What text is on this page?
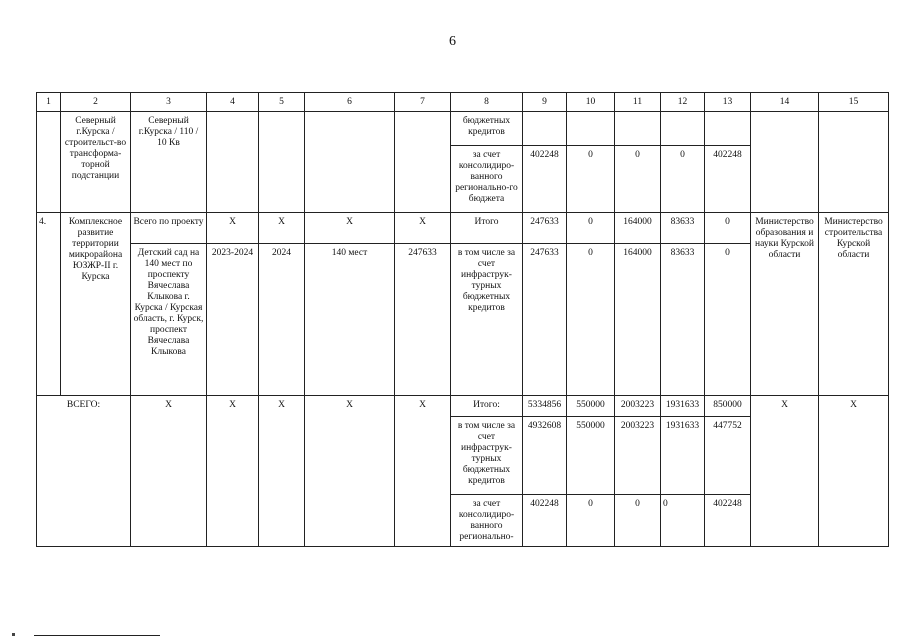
6
1	2	3	4	5	6	7	8	9	10	11	12	13	14	15
	Северный г.Курска / строительст-во трансформа-торной подстанции	Северный г.Курска / 110 / 10 Кв					бюджетных кредитов							
							за счет консолидиро-ванного регионально-го бюджета	402248	0	0	0	402248		
4.	Комплексное развитие территории микрорайона ЮЗЖР-II г. Курска	Всего по проекту	X	X	X	X	Итого	247633	0	164000	83633	0	Министерство образования и науки Курской области	Министерство строительства Курской области
		Детский сад на 140 мест по проспекту Вячеслава Клыкова г. Курска / Курская область, г. Курск, проспект Вячеслава Клыкова	2023-2024	2024	140 мест	247633	в том числе за счет инфраструк-турных бюджетных кредитов	247633	0	164000	83633	0		
ВСЕГО:		X	X	X	X	X	Итого:	5334856	550000	2003223	1931633	850000	X	X
							в том числе за счет инфраструк-турных бюджетных кредитов	4932608	550000	2003223	1931633	447752		
							за счет консолидиро-ванного регионально-	402248	0	0	0	402248		
